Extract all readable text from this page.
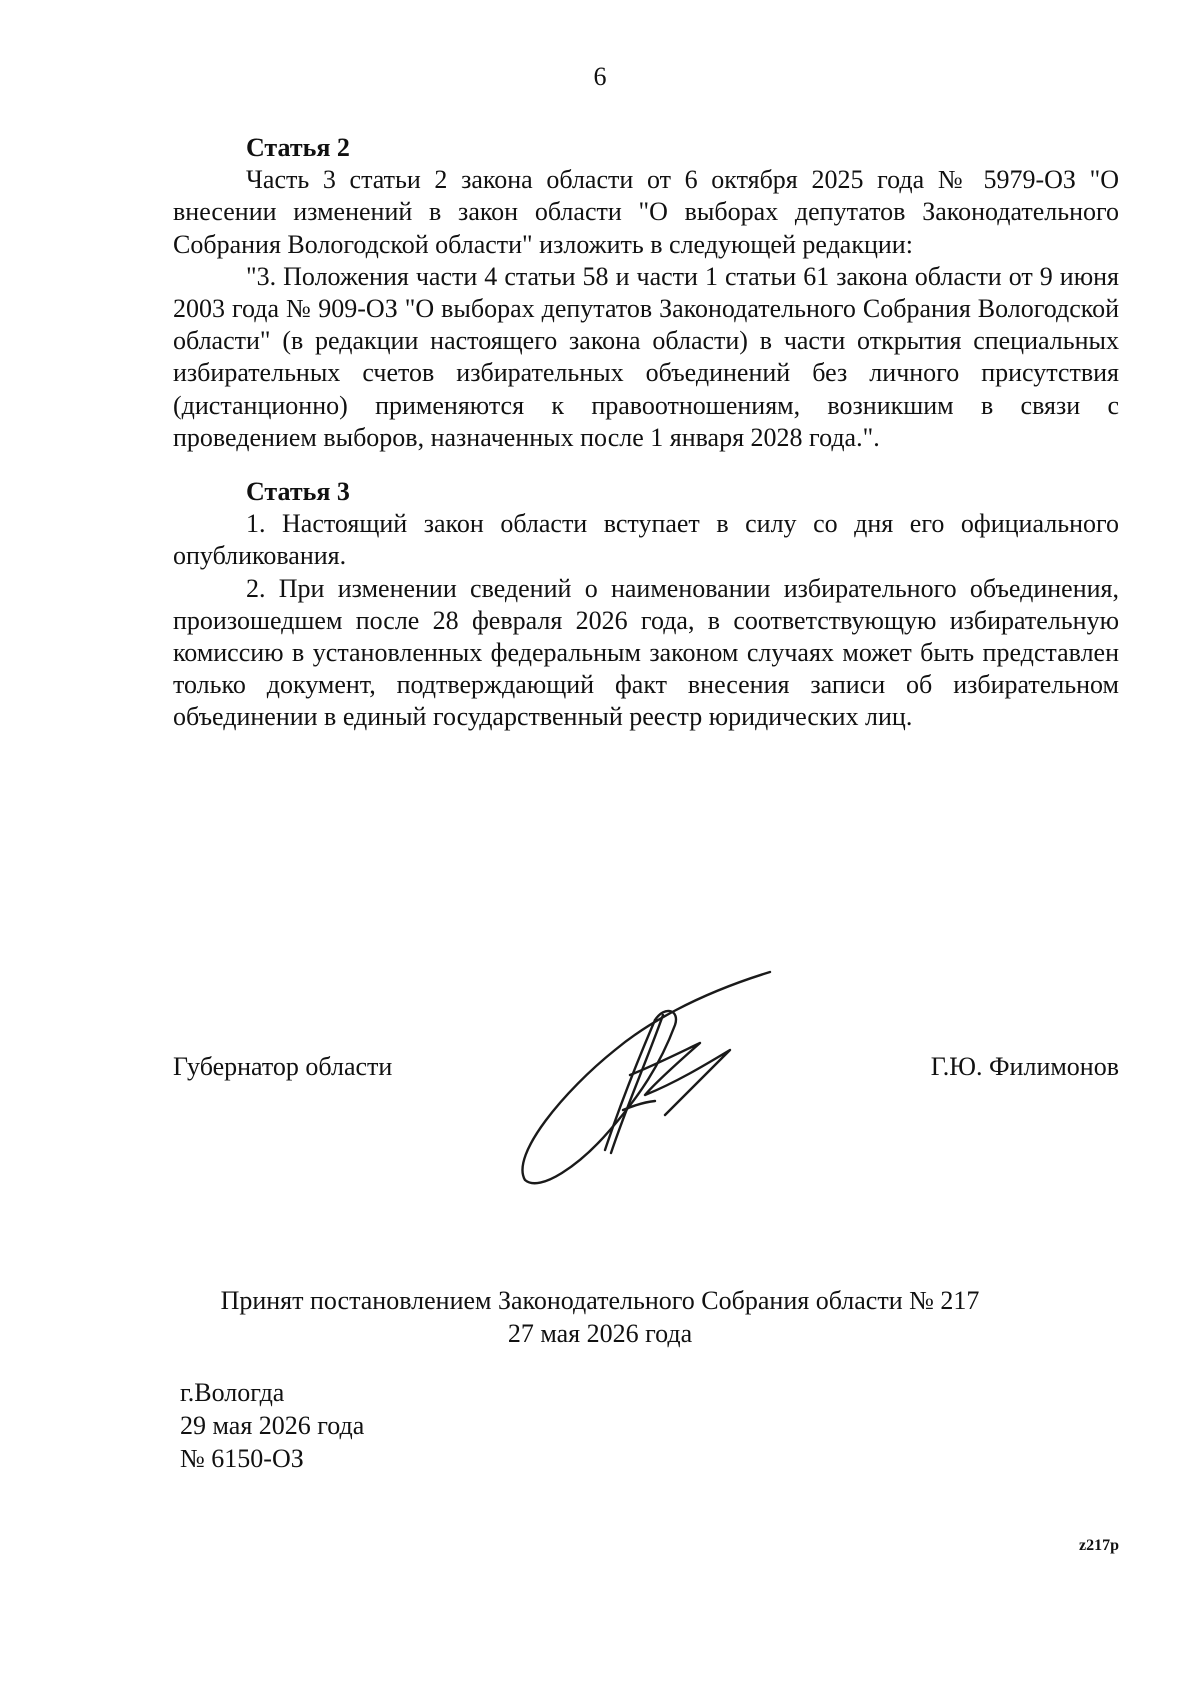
6

Статья 2

Часть 3 статьи 2 закона области от 6 октября 2025 года № 5979-ОЗ "О внесении изменений в закон области "О выборах депутатов Законодательного Собрания Вологодской области" изложить в следующей редакции:

"3. Положения части 4 статьи 58 и части 1 статьи 61 закона области от 9 июня 2003 года № 909-ОЗ "О выборах депутатов Законодательного Собрания Вологодской области" (в редакции настоящего закона области) в части открытия специальных избирательных счетов избирательных объединений без личного присутствия (дистанционно) применяются к правоотношениям, возникшим в связи с проведением выборов, назначенных после 1 января 2028 года.".

Статья 3

1. Настоящий закон области вступает в силу со дня его официального опубликования.

2. При изменении сведений о наименовании избирательного объединения, произошедшем после 28 февраля 2026 года, в соответствующую избирательную комиссию в установленных федеральным законом случаях может быть представлен только документ, подтверждающий факт внесения записи об избирательном объединении в единый государственный реестр юридических лиц.

Губернатор области	Г.Ю. Филимонов
Принят постановлением Законодательного Собрания области № 217
27 мая 2026 года
г.Вологда
29 мая 2026 года
№ 6150-ОЗ
z217p
